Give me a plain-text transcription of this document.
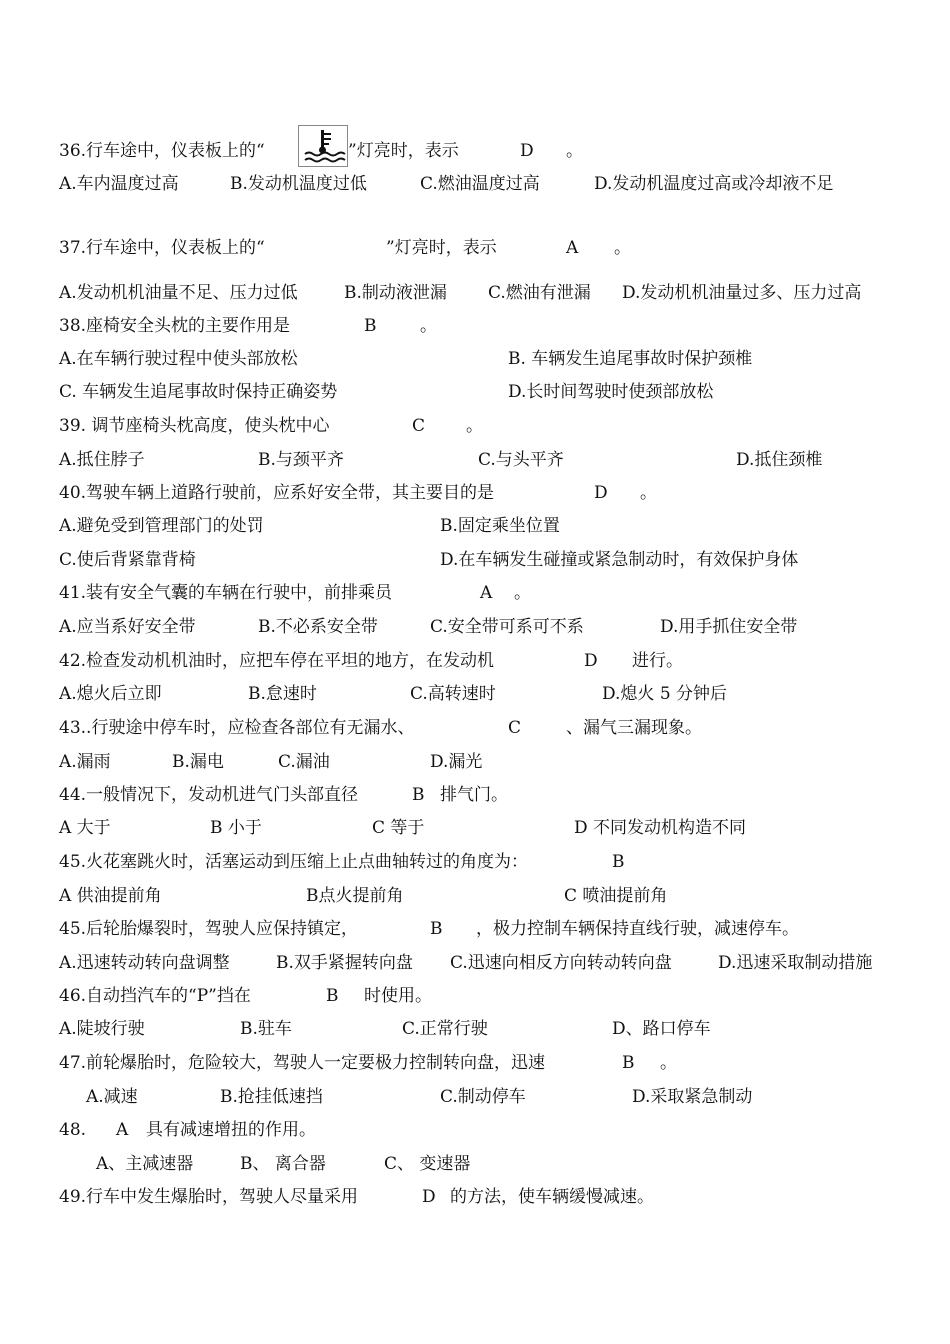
36.行车途中，仪表板上的“	”灯亮时，表示	D 。
A.车内温度过高	B.发动机温度过低	C.燃油温度过高	D.发动机温度过高或冷却液不足
37.行车途中，仪表板上的“	”灯亮时，表示	A 。
A.发动机机油量不足、压力过低	B.制动液泄漏 C.燃油有泄漏 D.发动机机油量过多、压力过高
38.座椅安全头枕的主要作用是	B	。
A.在车辆行驶过程中使头部放松	B. 车辆发生追尾事故时保护颈椎
C. 车辆发生追尾事故时保持正确姿势	D.长时间驾驶时使颈部放松
39. 调节座椅头枕高度，使头枕中心	C 。
A.抵住脖子	B.与颈平齐	C.与头平齐	D.抵住颈椎
40.驾驶车辆上道路行驶前，应系好安全带，其主要目的是	D 。
A.避免受到管理部门的处罚	B.固定乘坐位置
C.使后背紧靠背椅	D.在车辆发生碰撞或紧急制动时，有效保护身体
41.装有安全气囊的车辆在行驶中，前排乘员	A 。
A.应当系好安全带	B.不必系安全带	C.安全带可系可不系	D.用手抓住安全带
42.检查发动机机油时，应把车停在平坦的地方，在发动机	D 进行。
A.熄火后立即	B.怠速时	C.高转速时	D.熄火 5 分钟后
43..行驶途中停车时，应检查各部位有无漏水、	C	、漏气三漏现象。
A.漏雨	B.漏电	C.漏油	D.漏光
44.一般情况下，发动机进气门头部直径	B 排气门。
A 大于	B 小于	C 等于	D 不同发动机构造不同
45.火花塞跳火时，活塞运动到压缩上止点曲轴转过的角度为：	B
A 供油提前角	B点火提前角	C 喷油提前角
45.后轮胎爆裂时，驾驶人应保持镇定，	B ，极力控制车辆保持直线行驶，减速停车。
A.迅速转动转向盘调整	B.双手紧握转向盘 C.迅速向相反方向转动转向盘	D.迅速采取制动措施
46.自动挡汽车的“P”挡在	B 时使用。
A.陡坡行驶	B.驻车	C.正常行驶	D、路口停车
47.前轮爆胎时，危险较大，驾驶人一定要极力控制转向盘，迅速	B 。
A.减速	B.抢挂低速挡	C.制动停车	D.采取紧急制动
48. A 具有减速增扭的作用。
A、主减速器	B、 离合器	C、 变速器
49.行车中发生爆胎时，驾驶人尽量采用	D 的方法，使车辆缓慢减速。
